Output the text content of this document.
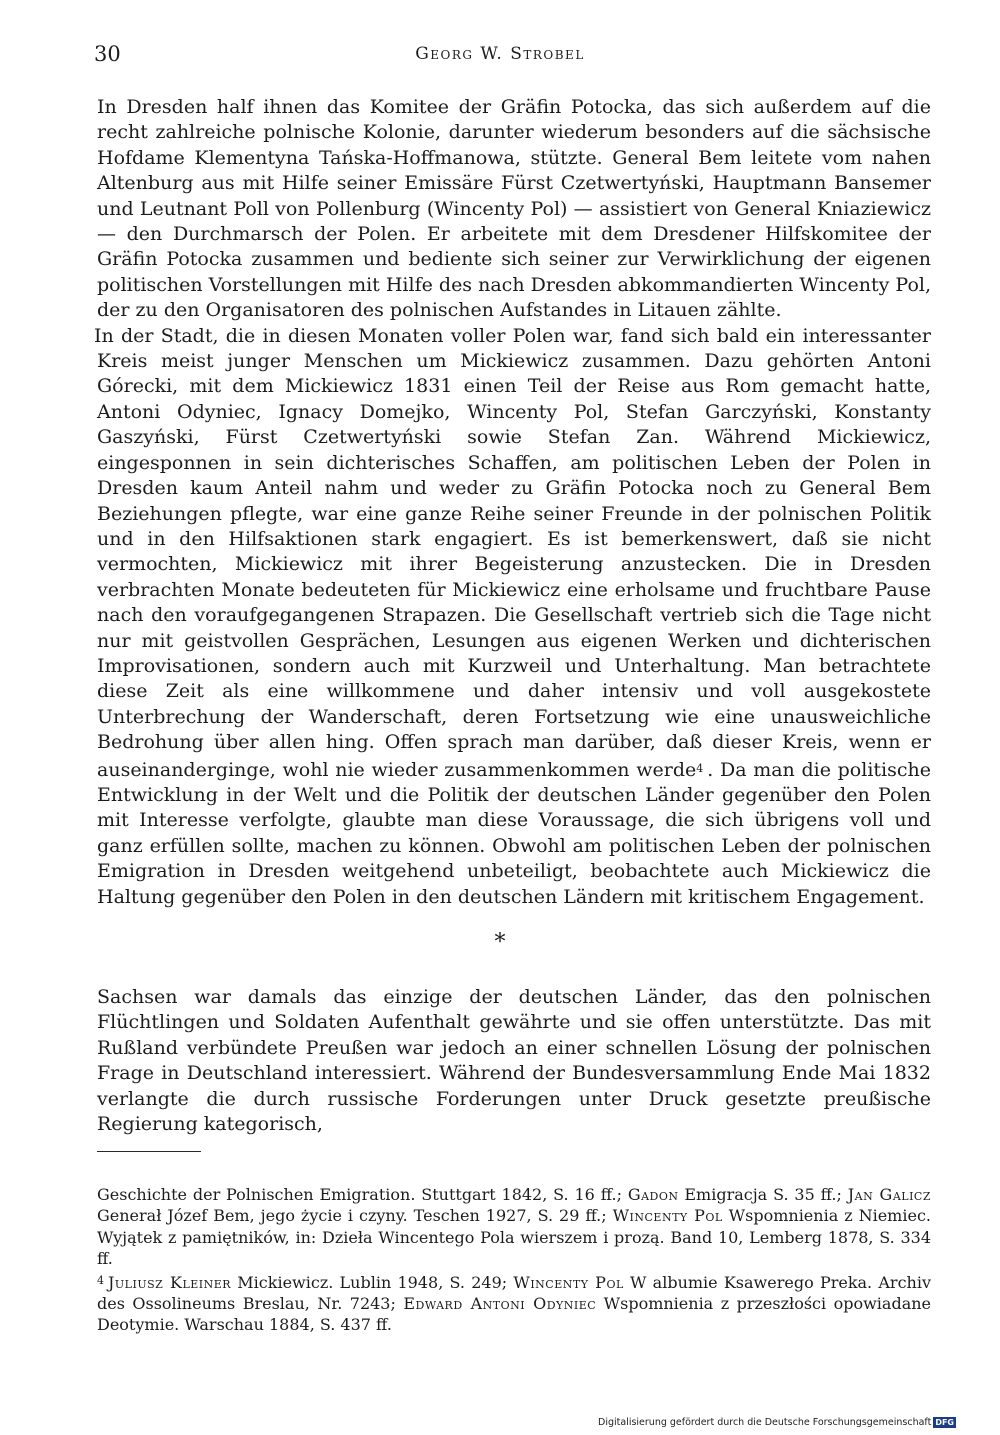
30	Georg W. Strobel

In Dresden half ihnen das Komitee der Gräfin Potocka, das sich außerdem auf die recht zahlreiche polnische Kolonie, darunter wiederum besonders auf die sächsische Hofdame Klementyna Tańska-Hoffmanowa, stützte. General Bem leitete vom nahen Altenburg aus mit Hilfe seiner Emissäre Fürst Czetwertyński, Hauptmann Bansemer und Leutnant Poll von Pollenburg (Wincenty Pol) — assistiert von General Kniaziewicz — den Durchmarsch der Polen. Er arbeitete mit dem Dresdener Hilfskomitee der Gräfin Potocka zusammen und bediente sich seiner zur Verwirklichung der eigenen politischen Vorstellungen mit Hilfe des nach Dresden abkommandierten Wincenty Pol, der zu den Organisatoren des polnischen Aufstandes in Litauen zählte.

In der Stadt, die in diesen Monaten voller Polen war, fand sich bald ein interessanter Kreis meist junger Menschen um Mickiewicz zusammen. Dazu gehörten Antoni Górecki, mit dem Mickiewicz 1831 einen Teil der Reise aus Rom gemacht hatte, Antoni Odyniec, Ignacy Domejko, Wincenty Pol, Stefan Garczyński, Konstanty Gaszyński, Fürst Czetwertyński sowie Stefan Zan. Während Mickiewicz, eingesponnen in sein dichterisches Schaffen, am politischen Leben der Polen in Dresden kaum Anteil nahm und weder zu Gräfin Potocka noch zu General Bem Beziehungen pflegte, war eine ganze Reihe seiner Freunde in der polnischen Politik und in den Hilfsaktionen stark engagiert. Es ist bemerkenswert, daß sie nicht vermochten, Mickiewicz mit ihrer Begeisterung anzustecken. Die in Dresden verbrachten Monate bedeuteten für Mickiewicz eine erholsame und fruchtbare Pause nach den voraufgegangenen Strapazen. Die Gesellschaft vertrieb sich die Tage nicht nur mit geistvollen Gesprächen, Lesungen aus eigenen Werken und dichterischen Improvisationen, sondern auch mit Kurzweil und Unterhaltung. Man betrachtete diese Zeit als eine willkommene und daher intensiv und voll ausgekostete Unterbrechung der Wanderschaft, deren Fortsetzung wie eine unausweichliche Bedrohung über allen hing. Offen sprach man darüber, daß dieser Kreis, wenn er auseinanderginge, wohl nie wieder zusammenkommen werde$^4$ . Da man die politische Entwicklung in der Welt und die Politik der deutschen Länder gegenüber den Polen mit Interesse verfolgte, glaubte man diese Voraussage, die sich übrigens voll und ganz erfüllen sollte, machen zu können. Obwohl am politischen Leben der polnischen Emigration in Dresden weitgehend unbeteiligt, beobachtete auch Mickiewicz die Haltung gegenüber den Polen in den deutschen Ländern mit kritischem Engagement.

*

Sachsen war damals das einzige der deutschen Länder, das den polnischen Flüchtlingen und Soldaten Aufenthalt gewährte und sie offen unterstützte. Das mit Rußland verbündete Preußen war jedoch an einer schnellen Lösung der polnischen Frage in Deutschland interessiert. Während der Bundesversammlung Ende Mai 1832 verlangte die durch russische Forderungen unter Druck gesetzte preußische Regierung kategorisch,

Geschichte der Polnischen Emigration. Stuttgart 1842, S. 16 ff.; Gadon Emigracja S. 35 ff.; Jan Galicz Generał Józef Bem, jego życie i czyny. Teschen 1927, S. 29 ff.; Wincenty Pol Wspomnienia z Niemiec. Wyjątek z pamiętników, in: Dzieła Wincentego Pola wierszem i prozą. Band 10, Lemberg 1878, S. 334 ff.

$^4$ Juliusz Kleiner Mickiewicz. Lublin 1948, S. 249; Wincenty Pol W albumie Ksawerego Preka. Archiv des Ossolineums Breslau, Nr. 7243; Edward Antoni Odyniec Wspomnienia z przeszłości opowiadane Deotymie. Warschau 1884, S. 437 ff.

Digitalisierung gefördert durch die Deutsche Forschungsgemeinschaft DFG
